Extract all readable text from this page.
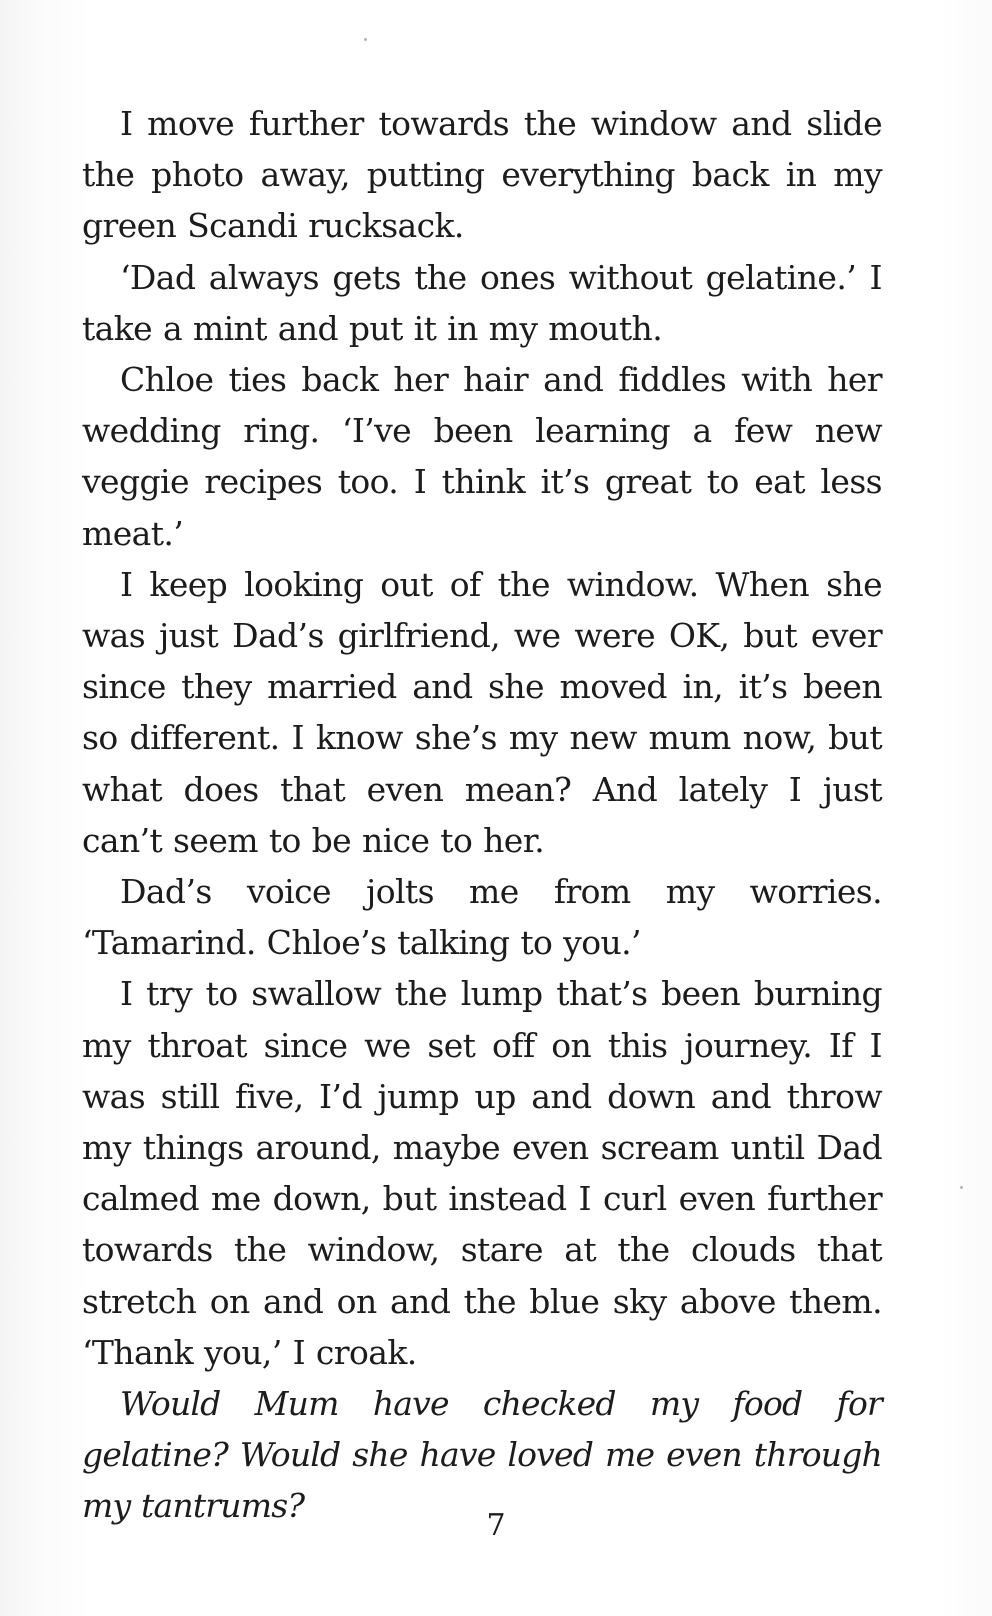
I move further towards the window and slide the photo away, putting everything back in my green Scandi rucksack.

‘Dad always gets the ones without gelatine.’ I take a mint and put it in my mouth.

Chloe ties back her hair and fiddles with her wedding ring. ‘I’ve been learning a few new veggie recipes too. I think it’s great to eat less meat.’

I keep looking out of the window. When she was just Dad’s girlfriend, we were OK, but ever since they married and she moved in, it’s been so different. I know she’s my new mum now, but what does that even mean? And lately I just can’t seem to be nice to her.

Dad’s voice jolts me from my worries. ‘Tamarind. Chloe’s talking to you.’

I try to swallow the lump that’s been burning my throat since we set off on this journey. If I was still five, I’d jump up and down and throw my things around, maybe even scream until Dad calmed me down, but instead I curl even further towards the window, stare at the clouds that stretch on and on and the blue sky above them. ‘Thank you,’ I croak.

Would Mum have checked my food for gelatine? Would she have loved me even through my tantrums?

7
